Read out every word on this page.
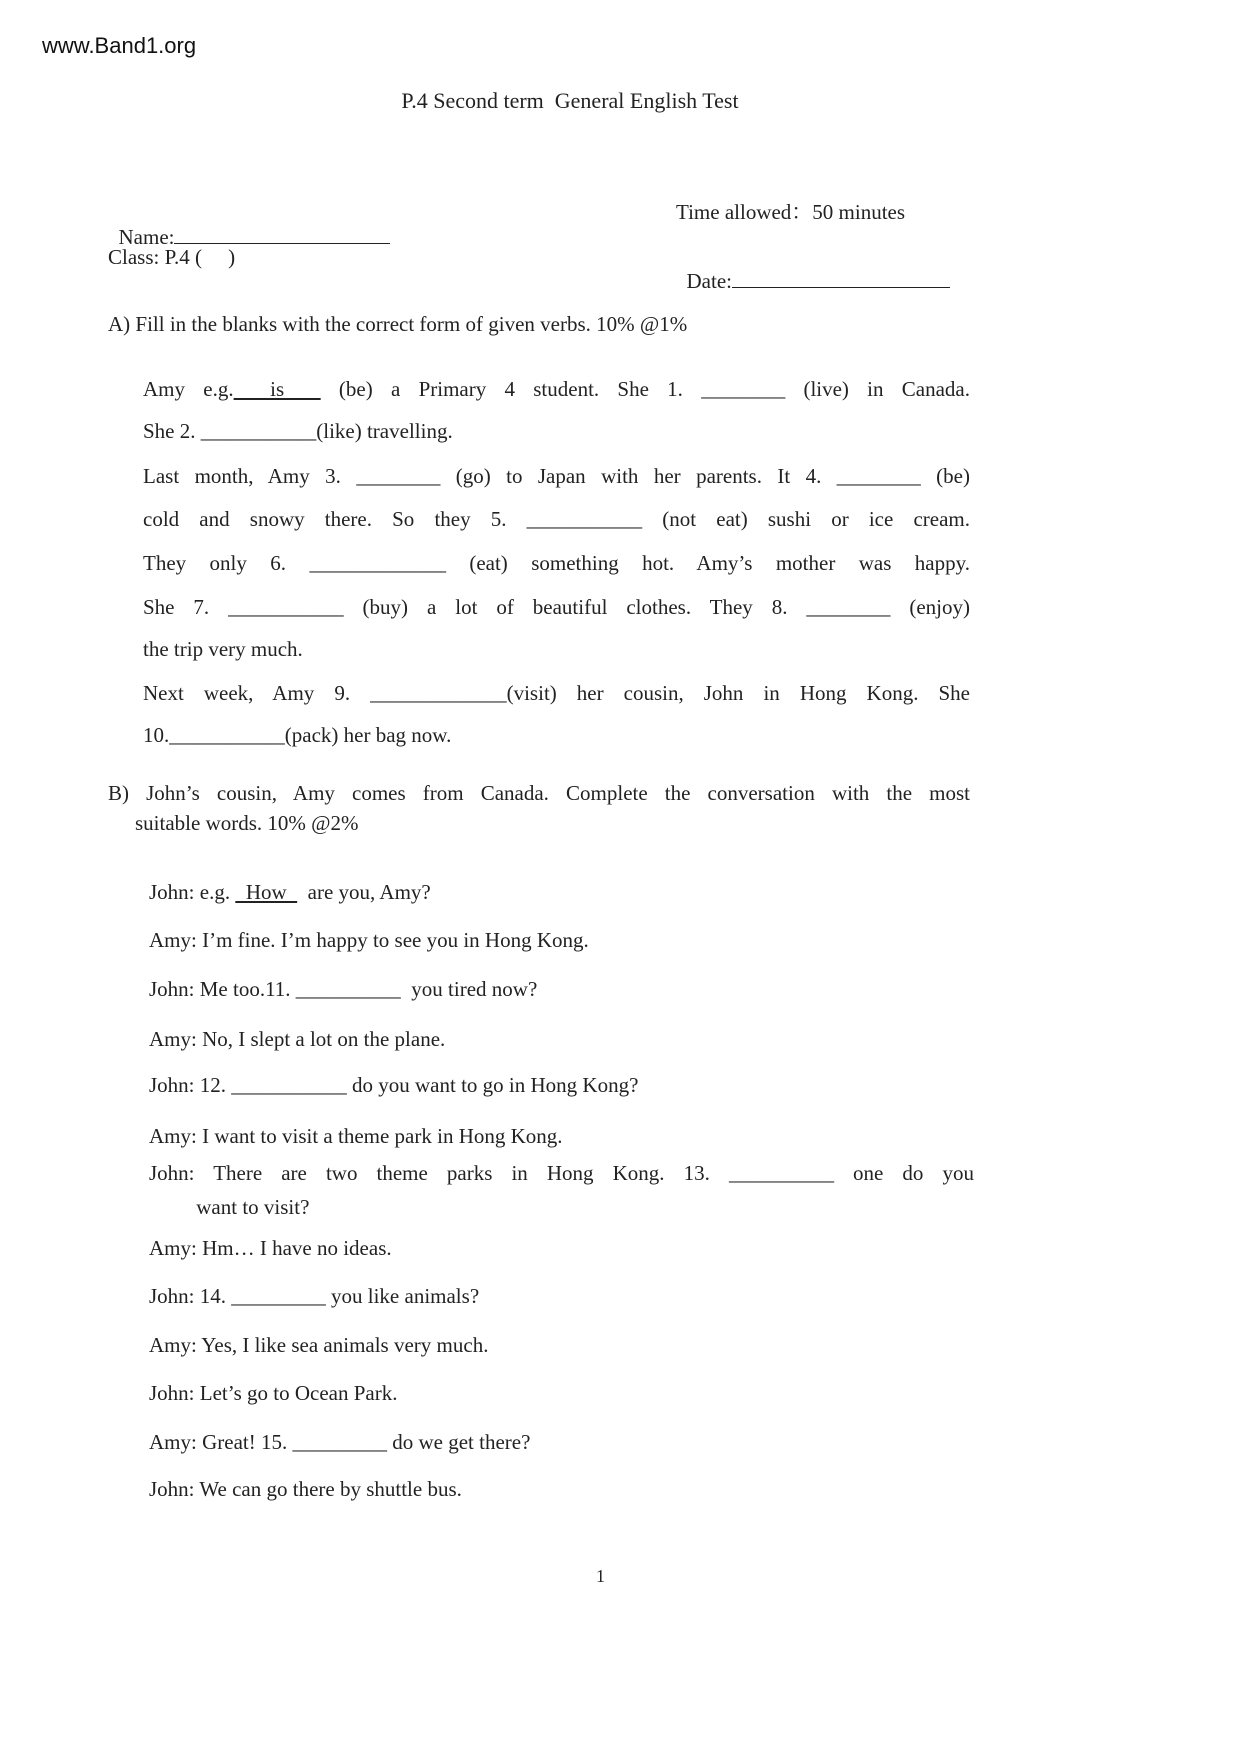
www.Band1.org
P.4 Second term  General English Test

Name:

Time allowed：50 minutes
Class: P.4 (     )

Date:

A) Fill in the blanks with the correct form of given verbs. 10% @1%
Amy e.g.  is   (be) a Primary 4 student. She 1. ________ (live) in Canada.
She 2. ___________(like) travelling.
Last month, Amy 3. ________ (go) to Japan with her parents. It 4. ________ (be)
cold and snowy there. So they 5. ___________ (not eat) sushi or ice cream.
They only 6. _____________ (eat) something hot. Amy’s mother was happy.
She 7. ___________ (buy) a lot of beautiful clothes. They 8. ________ (enjoy)
the trip very much.
Next week, Amy 9. _____________(visit) her cousin, John in Hong Kong. She
10.___________(pack) her bag now.
B) John’s cousin, Amy comes from Canada. Complete the conversation with the most
suitable words. 10% @2%
John: e.g.   How    are you, Amy?
Amy: I’m fine. I’m happy to see you in Hong Kong.
John: Me too.11. __________  you tired now?
Amy: No, I slept a lot on the plane.
John: 12. ___________ do you want to go in Hong Kong?
Amy: I want to visit a theme park in Hong Kong.
John: There are two theme parks in Hong Kong. 13. __________ one do you
want to visit?
Amy: Hm… I have no ideas.
John: 14. _________ you like animals?
Amy: Yes, I like sea animals very much.
John: Let’s go to Ocean Park.
Amy: Great! 15. _________ do we get there?
John: We can go there by shuttle bus.
1
